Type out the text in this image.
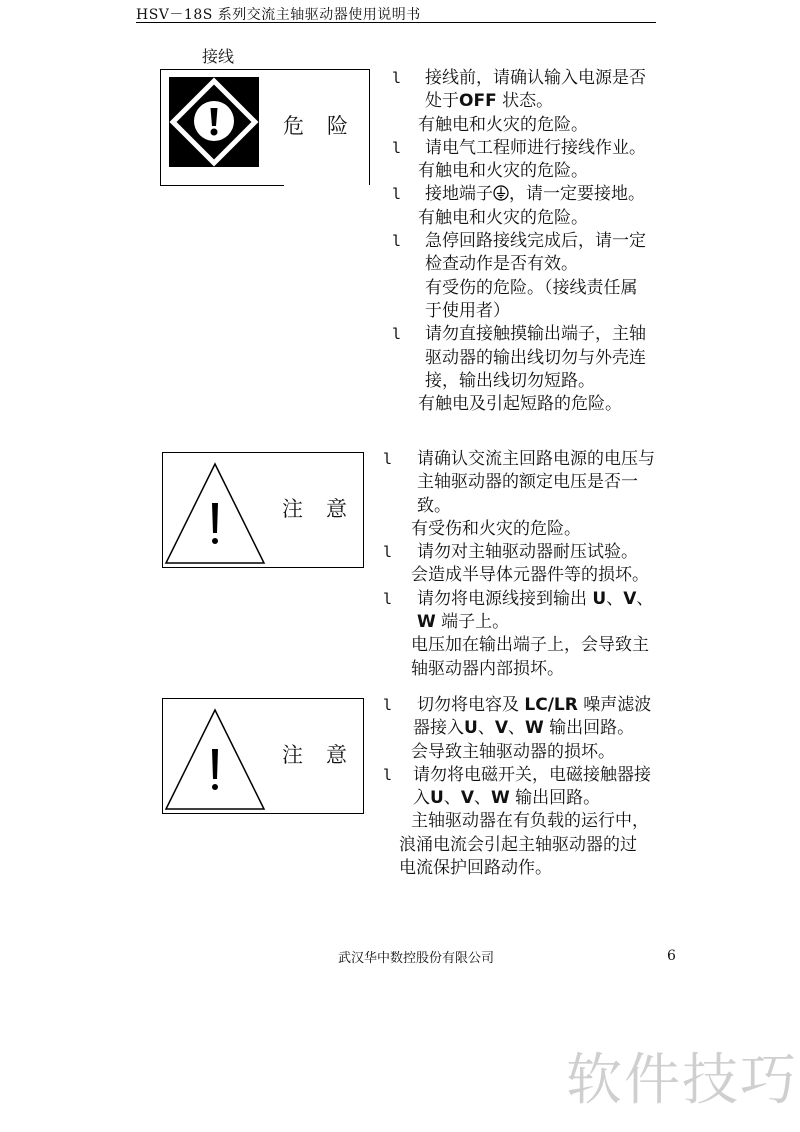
HSV－18S 系列交流主轴驱动器使用说明书
接线
危　险
l 接线前，请确认输入电源是否
处于OFF 状态。
有触电和火灾的危险。
l 请电气工程师进行接线作业。
有触电和火灾的危险。
l 接地端子 ，请一定要接地。
有触电和火灾的危险。
l 急停回路接线完成后，请一定
检查动作是否有效。
有受伤的危险。（接线责任属
于使用者）
l 请勿直接触摸输出端子，主轴
驱动器的输出线切勿与外壳连
接，输出线切勿短路。
有触电及引起短路的危险。
注　意
l 请确认交流主回路电源的电压与
主轴驱动器的额定电压是否一
致。
有受伤和火灾的危险。
l 请勿对主轴驱动器耐压试验。
会造成半导体元器件等的损坏。
l 请勿将电源线接到输出 U、V、
W 端子上。
电压加在输出端子上，会导致主
轴驱动器内部损坏。
注　意
l 切勿将电容及 LC/LR 噪声滤波
器接入U、V、W 输出回路。
会导致主轴驱动器的损坏。
l 请勿将电磁开关，电磁接触器接
入U、V、W 输出回路。
主轴驱动器在有负载的运行中，
浪涌电流会引起主轴驱动器的过
电流保护回路动作。
武汉华中数控股份有限公司	6
软件技巧
